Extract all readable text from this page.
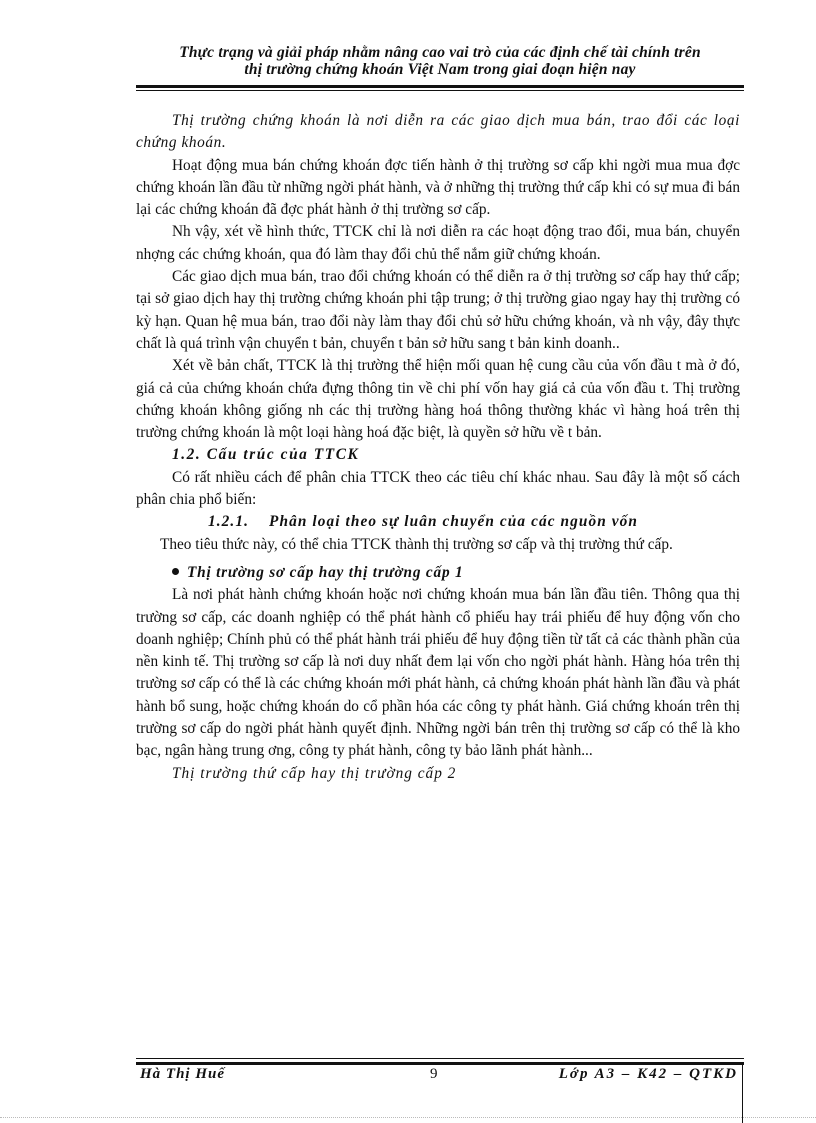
Thực trạng và giải pháp nhằm nâng cao vai trò của các định chế tài chính trên
thị trường chứng khoán Việt Nam trong giai đoạn hiện nay

Thị trường chứng khoán là nơi diễn ra các giao dịch mua bán, trao đổi các loại chứng khoán.

Hoạt động mua bán chứng khoán đợc tiến hành ở thị trường sơ cấp khi ngời mua mua đợc chứng khoán lần đầu từ những ngời phát hành, và ở những thị trường thứ cấp khi có sự mua đi bán lại các chứng khoán đã đợc phát hành ở thị trường sơ cấp.

Nh vậy, xét về hình thức, TTCK chỉ là nơi diễn ra các hoạt động trao đổi, mua bán, chuyển nhợng các chứng khoán, qua đó làm thay đổi chủ thể nắm giữ chứng khoán.

Các giao dịch mua bán, trao đổi chứng khoán có thể diễn ra ở thị trường sơ cấp hay thứ cấp; tại sở giao dịch hay thị trường chứng khoán phi tập trung; ở thị trường giao ngay hay thị trường có kỳ hạn. Quan hệ mua bán, trao đổi này làm thay đổi chủ sở hữu chứng khoán, và nh vậy, đây thực chất là quá trình vận chuyển t bản, chuyển t bản sở hữu sang t bản kinh doanh..

Xét về bản chất, TTCK là thị trường thể hiện mối quan hệ cung cầu của vốn đầu t mà ở đó, giá cả của chứng khoán chứa đựng thông tin về chi phí vốn hay giá cả của vốn đầu t. Thị trường chứng khoán không giống nh các thị trường hàng hoá thông thường khác vì hàng hoá trên thị trường chứng khoán là một loại hàng hoá đặc biệt, là quyền sở hữu về t bản.

1.2. Cấu trúc của TTCK

Có rất nhiều cách để phân chia TTCK theo các tiêu chí khác nhau. Sau đây là một số cách phân chia phổ biến:

1.2.1. Phân loại theo sự luân chuyển của các nguồn vốn

Theo tiêu thức này, có thể chia TTCK thành thị trường sơ cấp và thị trường thứ cấp.

Thị trường sơ cấp hay thị trường cấp 1

Là nơi phát hành chứng khoán hoặc nơi chứng khoán mua bán lần đầu tiên. Thông qua thị trường sơ cấp, các doanh nghiệp có thể phát hành cổ phiếu hay trái phiếu để huy động vốn cho doanh nghiệp; Chính phủ có thể phát hành trái phiếu để huy động tiền từ tất cả các thành phần của nền kinh tế. Thị trường sơ cấp là nơi duy nhất đem lại vốn cho ngời phát hành. Hàng hóa trên thị trường sơ cấp có thể là các chứng khoán mới phát hành, cả chứng khoán phát hành lần đầu và phát hành bổ sung, hoặc chứng khoán do cổ phần hóa các công ty phát hành. Giá chứng khoán trên thị trường sơ cấp do ngời phát hành quyết định. Những ngời bán trên thị trường sơ cấp có thể là kho bạc, ngân hàng trung ơng, công ty phát hành, công ty bảo lãnh phát hành...

Thị trường thứ cấp hay thị trường cấp 2
Hà Thị Huế	9	Lớp A3 – K42 – QTKD
